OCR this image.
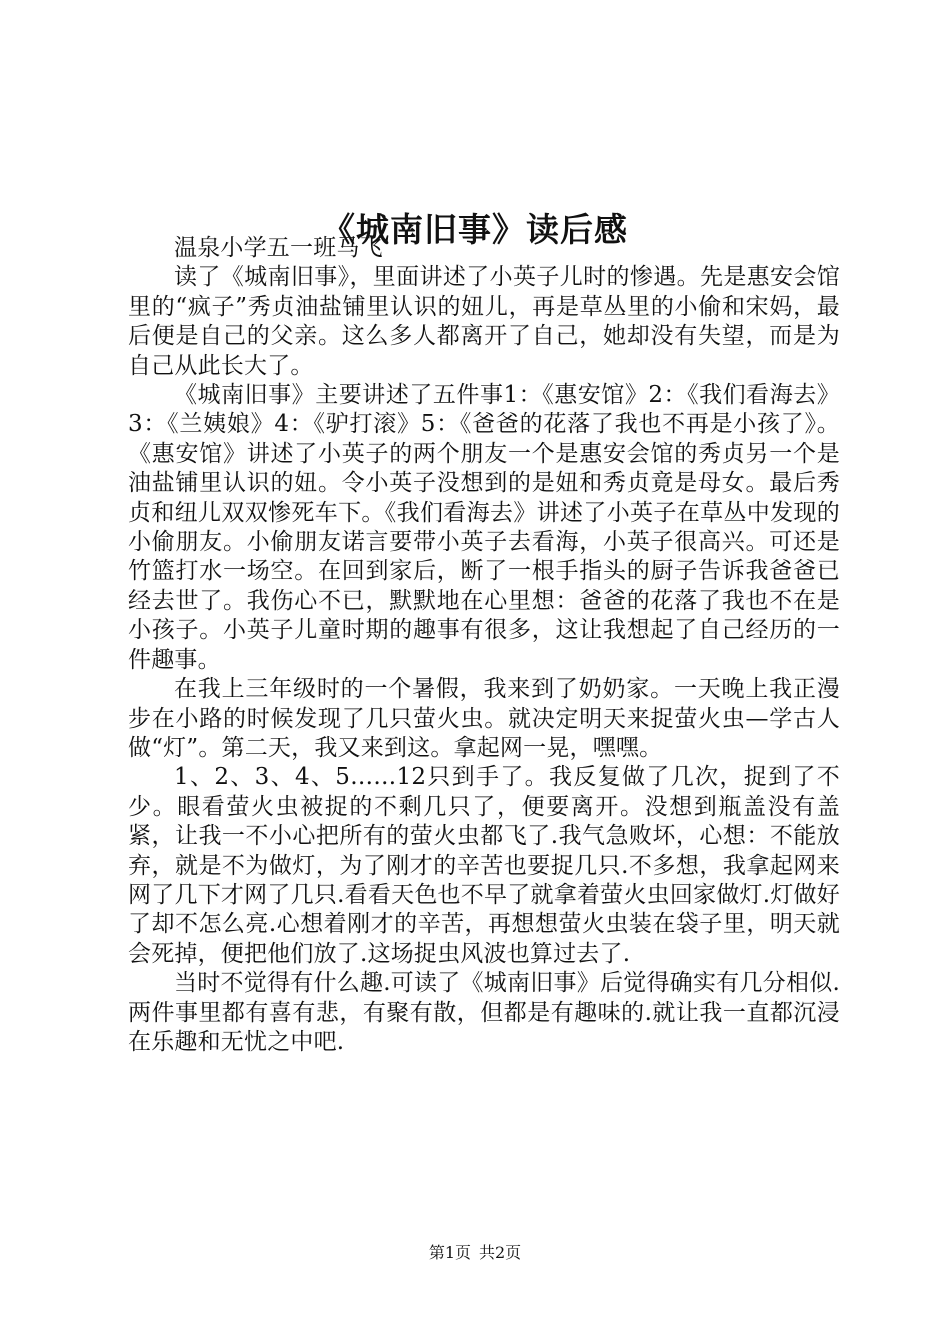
《城南旧事》读后感

温泉小学五一班马飞

读了《城南旧事》，里面讲述了小英子儿时的惨遇。先是惠安会馆里的“疯子”秀贞油盐铺里认识的妞儿，再是草丛里的小偷和宋妈，最后便是自己的父亲。这么多人都离开了自己，她却没有失望，而是为自己从此长大了。

《城南旧事》主要讲述了五件事1：《惠安馆》2：《我们看海去》3：《兰姨娘》4：《驴打滚》5：《爸爸的花落了我也不再是小孩了》。《惠安馆》讲述了小英子的两个朋友一个是惠安会馆的秀贞另一个是油盐铺里认识的妞。令小英子没想到的是妞和秀贞竟是母女。最后秀贞和纽儿双双惨死车下。《我们看海去》讲述了小英子在草丛中发现的小偷朋友。小偷朋友诺言要带小英子去看海，小英子很高兴。可还是竹篮打水一场空。在回到家后，断了一根手指头的厨子告诉我爸爸已经去世了。我伤心不已，默默地在心里想：爸爸的花落了我也不在是小孩子。小英子儿童时期的趣事有很多，这让我想起了自己经历的一件趣事。

在我上三年级时的一个暑假，我来到了奶奶家。一天晚上我正漫步在小路的时候发现了几只萤火虫。就决定明天来捉萤火虫—学古人做“灯”。第二天，我又来到这。拿起网一晃，嘿嘿。

1、2、3、4、5……12只到手了。我反复做了几次，捉到了不少。眼看萤火虫被捉的不剩几只了，便要离开。没想到瓶盖没有盖紧，让我一不小心把所有的萤火虫都飞了.我气急败坏，心想：不能放弃，就是不为做灯，为了刚才的辛苦也要捉几只.不多想，我拿起网来网了几下才网了几只.看看天色也不早了就拿着萤火虫回家做灯.灯做好了却不怎么亮.心想着刚才的辛苦，再想想萤火虫装在袋子里，明天就会死掉，便把他们放了.这场捉虫风波也算过去了.

当时不觉得有什么趣.可读了《城南旧事》后觉得确实有几分相似.两件事里都有喜有悲，有聚有散，但都是有趣味的.就让我一直都沉浸在乐趣和无忧之中吧.

第1页 共2页
